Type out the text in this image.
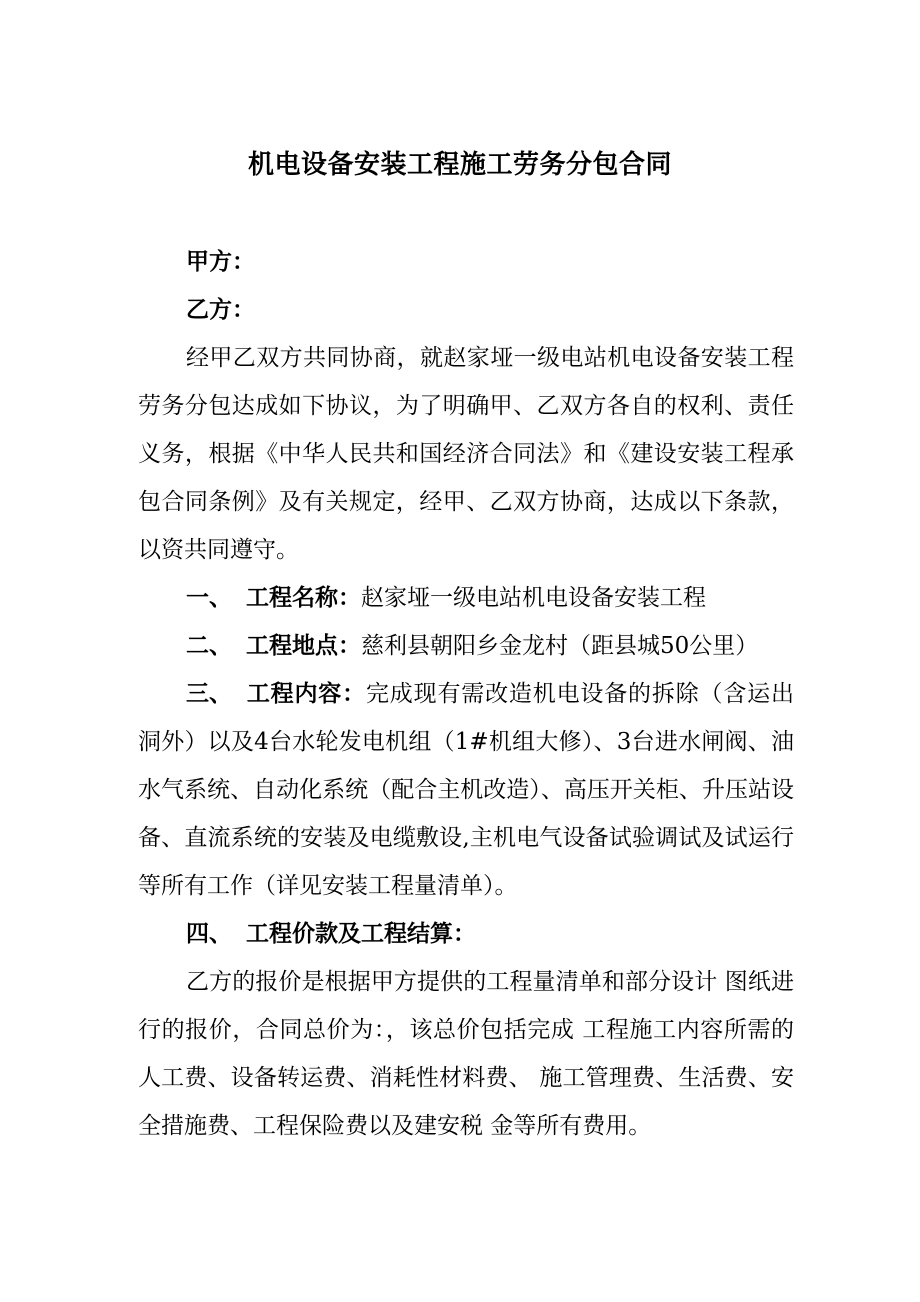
机电设备安装工程施工劳务分包合同

甲方：

乙方：

经甲乙双方共同协商，就赵家垭一级电站机电设备安装工程劳务分包达成如下协议，为了明确甲、乙双方各自的权利、责任义务，根据《中华人民共和国经济合同法》和《建设安装工程承包合同条例》及有关规定，经甲、乙双方协商，达成以下条款，以资共同遵守。

一、 工程名称：赵家垭一级电站机电设备安装工程

二、 工程地点：慈利县朝阳乡金龙村（距县城50公里）

三、 工程内容：完成现有需改造机电设备的拆除（含运出洞外）以及4台水轮发电机组（1#机组大修）、3台进水闸阀、油水气系统、自动化系统（配合主机改造）、高压开关柜、升压站设备、直流系统的安装及电缆敷设,主机电气设备试验调试及试运行等所有工作（详见安装工程量清单）。

四、 工程价款及工程结算：

乙方的报价是根据甲方提供的工程量清单和部分设计 图纸进行的报价，合同总价为：，该总价包括完成 工程施工内容所需的人工费、设备转运费、消耗性材料费、 施工管理费、生活费、安全措施费、工程保险费以及建安税 金等所有费用。
